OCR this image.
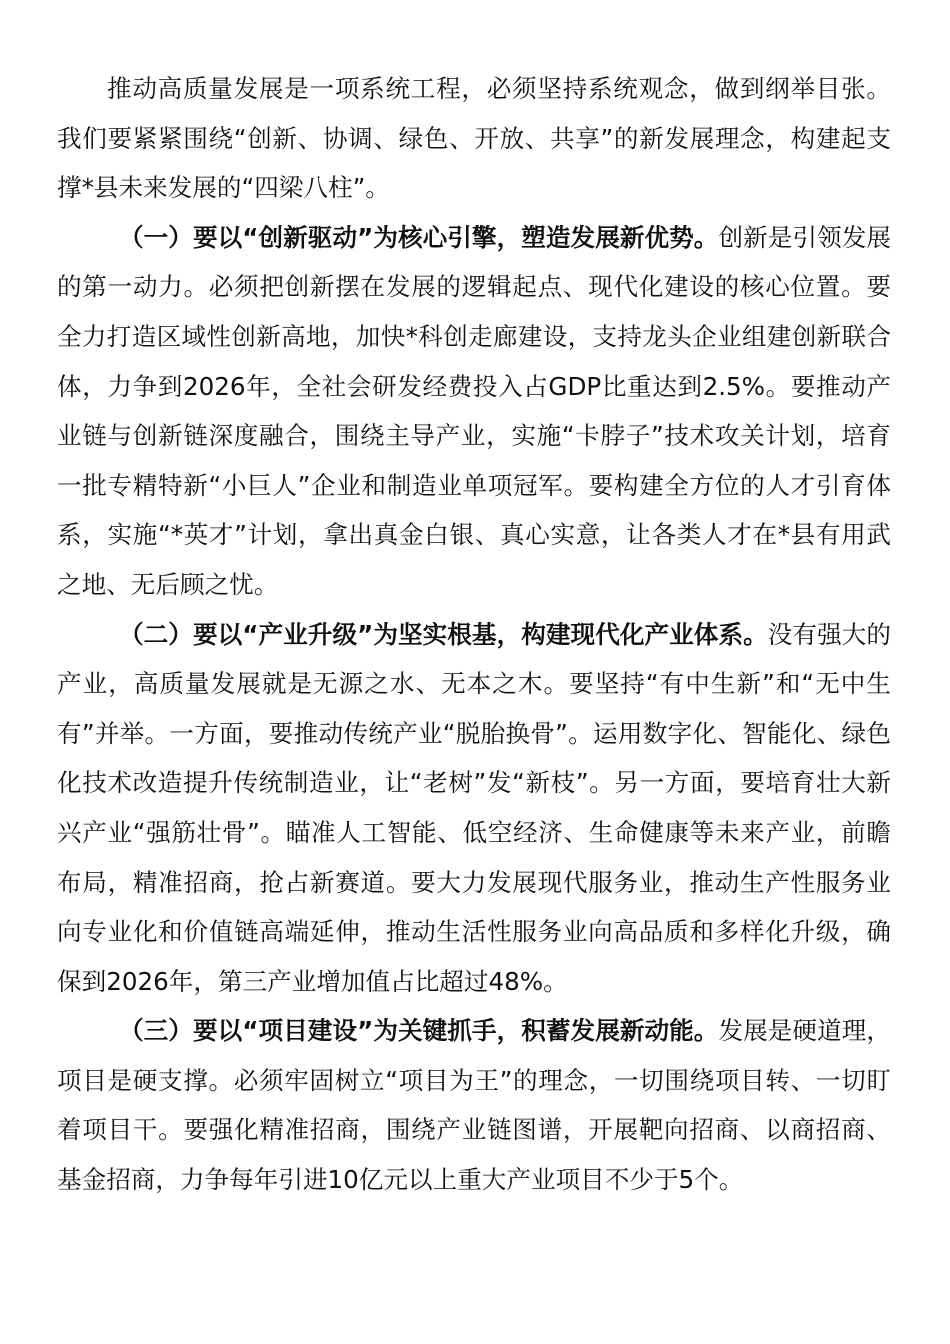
推动高质量发展是一项系统工程，必须坚持系统观念，做到纲举目张。我们要紧紧围绕“创新、协调、绿色、开放、共享”的新发展理念，构建起支撑*县未来发展的“四梁八柱”。

（一）要以“创新驱动”为核心引擎，塑造发展新优势。创新是引领发展的第一动力。必须把创新摆在发展的逻辑起点、现代化建设的核心位置。要全力打造区域性创新高地，加快*科创走廊建设，支持龙头企业组建创新联合体，力争到2026年，全社会研发经费投入占GDP比重达到2.5%。要推动产业链与创新链深度融合，围绕主导产业，实施“卡脖子”技术攻关计划，培育一批专精特新“小巨人”企业和制造业单项冠军。要构建全方位的人才引育体系，实施“*英才”计划，拿出真金白银、真心实意，让各类人才在*县有用武之地、无后顾之忧。

（二）要以“产业升级”为坚实根基，构建现代化产业体系。没有强大的产业，高质量发展就是无源之水、无本之木。要坚持“有中生新”和“无中生有”并举。一方面，要推动传统产业“脱胎换骨”。运用数字化、智能化、绿色化技术改造提升传统制造业，让“老树”发“新枝”。另一方面，要培育壮大新兴产业“强筋壮骨”。瞄准人工智能、低空经济、生命健康等未来产业，前瞻布局，精准招商，抢占新赛道。要大力发展现代服务业，推动生产性服务业向专业化和价值链高端延伸，推动生活性服务业向高品质和多样化升级，确保到2026年，第三产业增加值占比超过48%。

（三）要以“项目建设”为关键抓手，积蓄发展新动能。发展是硬道理，项目是硬支撑。必须牢固树立“项目为王”的理念，一切围绕项目转、一切盯着项目干。要强化精准招商，围绕产业链图谱，开展靶向招商、以商招商、基金招商，力争每年引进10亿元以上重大产业项目不少于5个。
